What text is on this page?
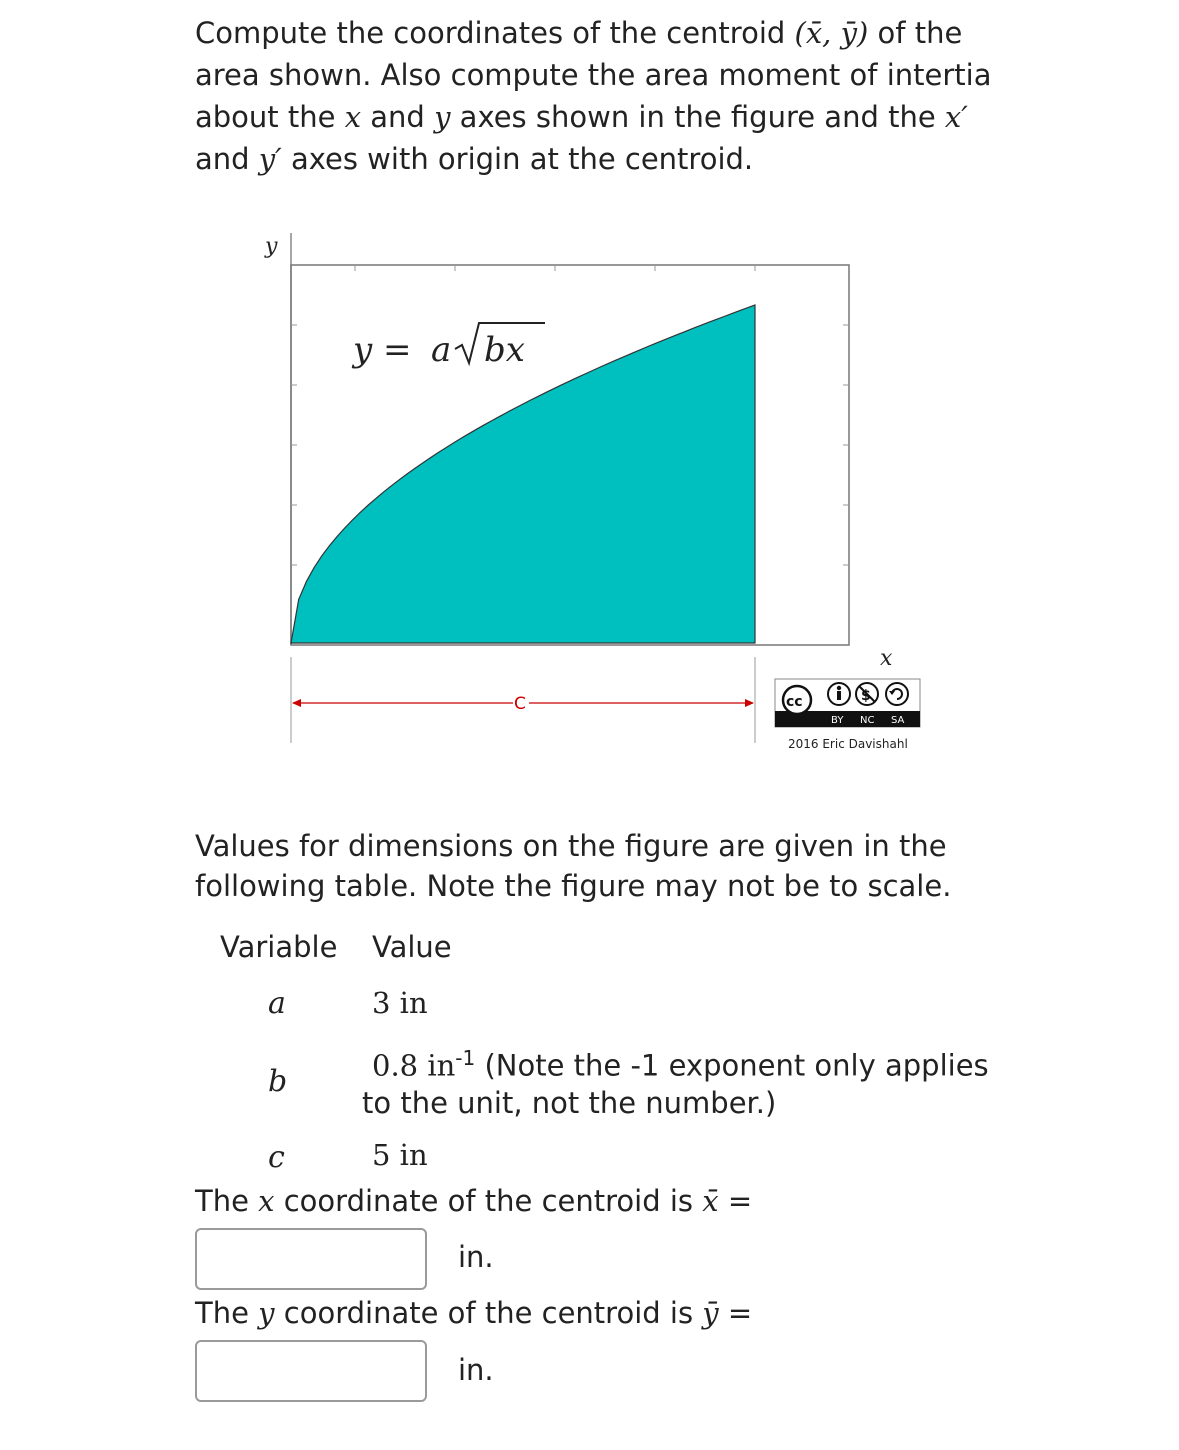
Compute the coordinates of the centroid (x̄, ȳ) of the
area shown. Also compute the area moment of intertia
about the x and y axes shown in the figure and the x′
and y′ axes with origin at the centroid.
y
y = a bx
x
C	cc	$
BY NC SA
2016 Eric Davishahl
Values for dimensions on the figure are given in the
following table. Note the figure may not be to scale.
Variable Value
a	3 in
b	0.8 $in^{-1}$ (Note the -1 exponent only applies
to the unit, not the number.)
c	5 in
The x coordinate of the centroid is x̄ =
in.
The y coordinate of the centroid is ȳ =
in.
